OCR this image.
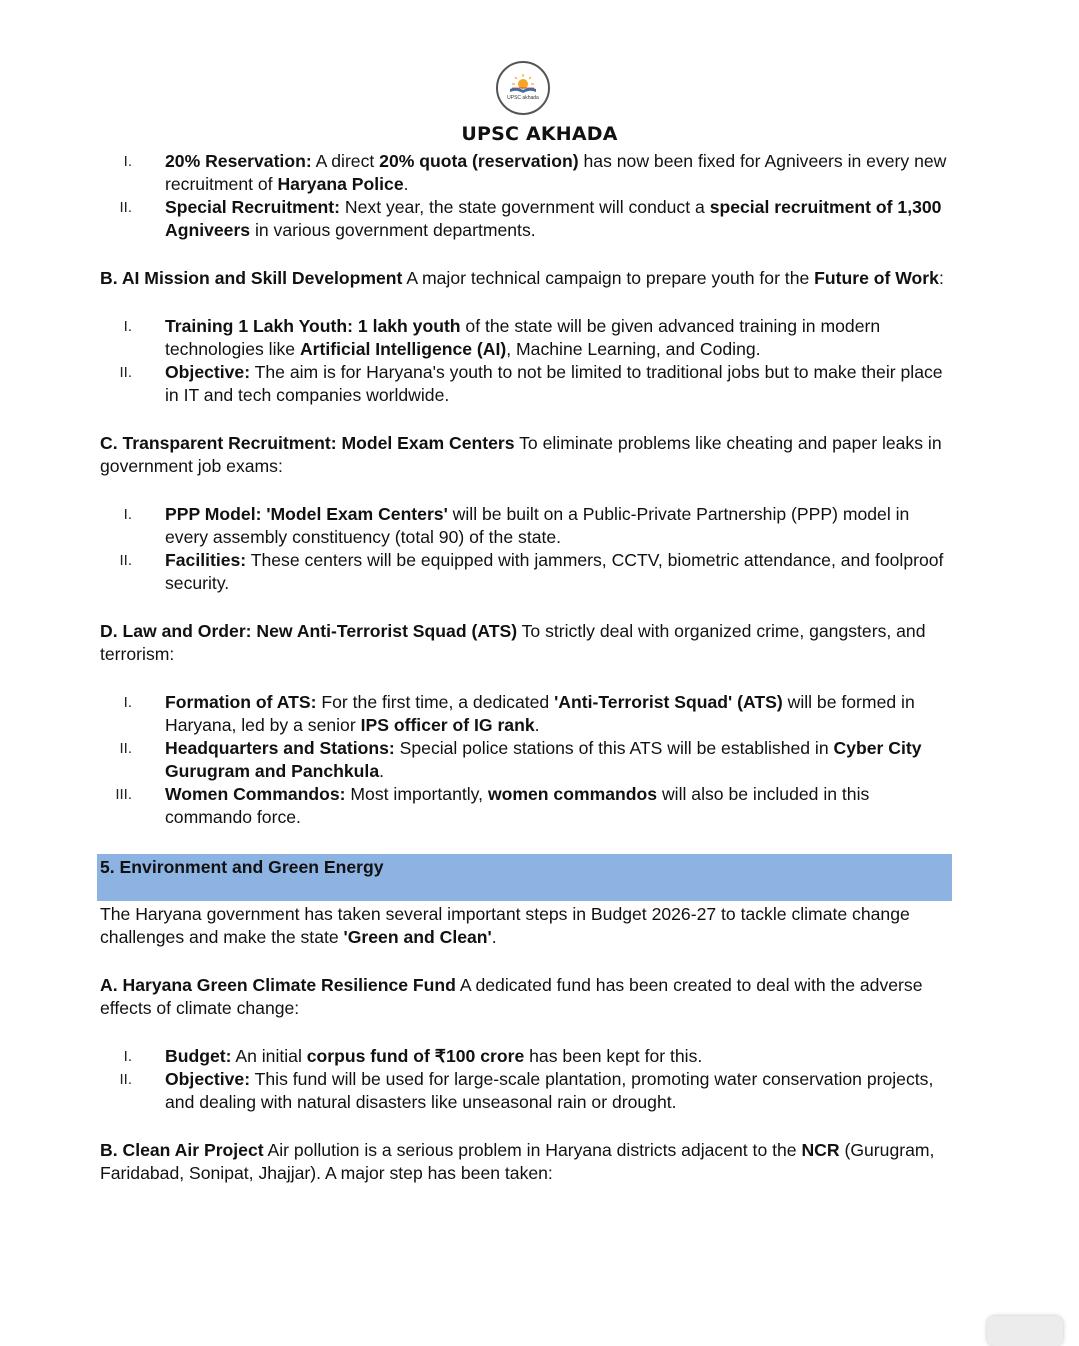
UPSC akhada
UPSC AKHADA
I. 20% Reservation: A direct 20% quota (reservation) has now been fixed for Agniveers in every new recruitment of Haryana Police.
II. Special Recruitment: Next year, the state government will conduct a special recruitment of 1,300 Agniveers in various government departments.

B. AI Mission and Skill Development A major technical campaign to prepare youth for the Future of Work:

I. Training 1 Lakh Youth: 1 lakh youth of the state will be given advanced training in modern technologies like Artificial Intelligence (AI), Machine Learning, and Coding.
II. Objective: The aim is for Haryana's youth to not be limited to traditional jobs but to make their place in IT and tech companies worldwide.

C. Transparent Recruitment: Model Exam Centers To eliminate problems like cheating and paper leaks in government job exams:

I. PPP Model: 'Model Exam Centers' will be built on a Public-Private Partnership (PPP) model in every assembly constituency (total 90) of the state.
II. Facilities: These centers will be equipped with jammers, CCTV, biometric attendance, and foolproof security.

D. Law and Order: New Anti-Terrorist Squad (ATS) To strictly deal with organized crime, gangsters, and terrorism:

I. Formation of ATS: For the first time, a dedicated 'Anti-Terrorist Squad' (ATS) will be formed in Haryana, led by a senior IPS officer of IG rank.
II. Headquarters and Stations: Special police stations of this ATS will be established in Cyber City Gurugram and Panchkula.
III. Women Commandos: Most importantly, women commandos will also be included in this commando force.
5. Environment and Green Energy

The Haryana government has taken several important steps in Budget 2026-27 to tackle climate change challenges and make the state 'Green and Clean'.

A. Haryana Green Climate Resilience Fund A dedicated fund has been created to deal with the adverse effects of climate change:

I. Budget: An initial corpus fund of ₹100 crore has been kept for this.
II. Objective: This fund will be used for large-scale plantation, promoting water conservation projects, and dealing with natural disasters like unseasonal rain or drought.

B. Clean Air Project Air pollution is a serious problem in Haryana districts adjacent to the NCR (Gurugram, Faridabad, Sonipat, Jhajjar). A major step has been taken:
